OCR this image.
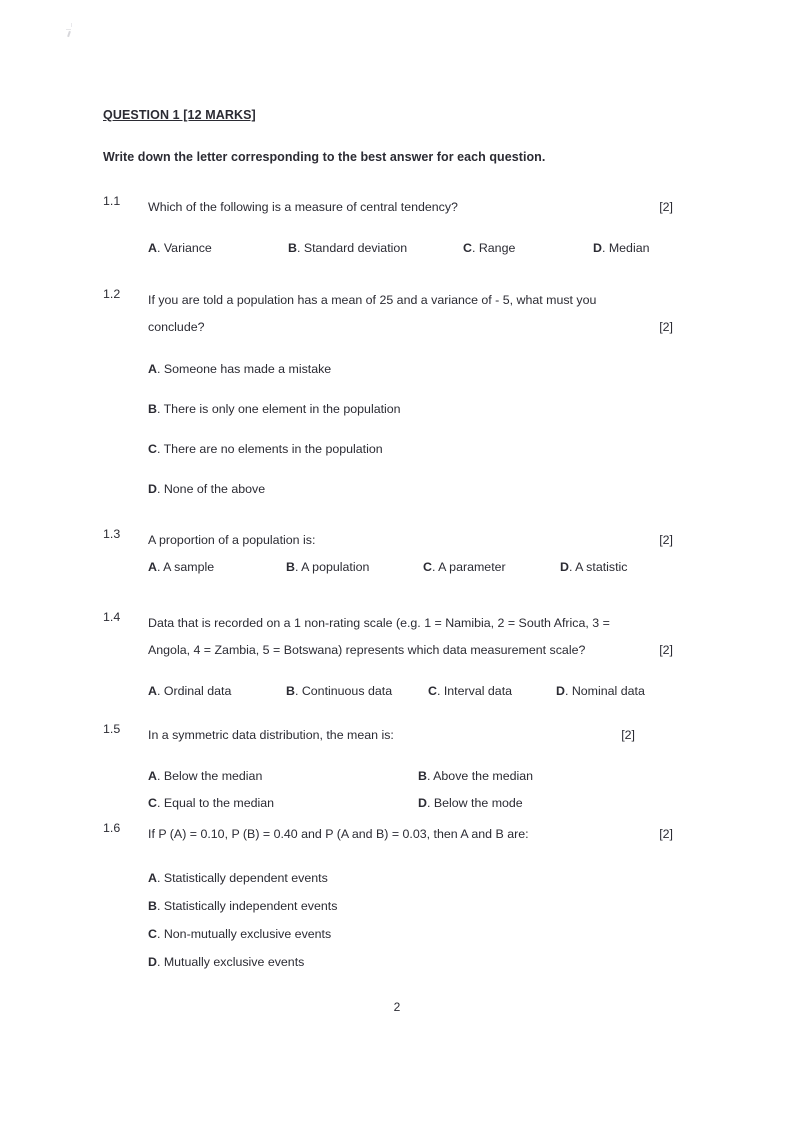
QUESTION 1 [12 MARKS]
Write down the letter corresponding to the best answer for each question.
1.1	Which of the following is a measure of central tendency?	[2]
A. Variance	B. Standard deviation	C. Range	D. Median
1.2	If you are told a population has a mean of 25 and a variance of - 5, what must you
conclude?	[2]
A. Someone has made a mistake
B. There is only one element in the population
C. There are no elements in the population
D. None of the above
1.3	A proportion of a population is:	[2]
A. A sample	B. A population	C. A parameter	D. A statistic
1.4	Data that is recorded on a 1 non-rating scale (e.g. 1 = Namibia, 2 = South Africa, 3 =
Angola, 4 = Zambia, 5 = Botswana) represents which data measurement scale?	[2]
A. Ordinal data	B. Continuous data	C. Interval data	D. Nominal data
1.5	In a symmetric data distribution, the mean is:	[2]
A. Below the median	B. Above the median
C. Equal to the median	D. Below the mode
1.6	If P (A) = 0.10, P (B) = 0.40 and P (A and B) = 0.03, then A and B are:	[2]
A. Statistically dependent events
B. Statistically independent events
C. Non-mutually exclusive events
D. Mutually exclusive events
2
